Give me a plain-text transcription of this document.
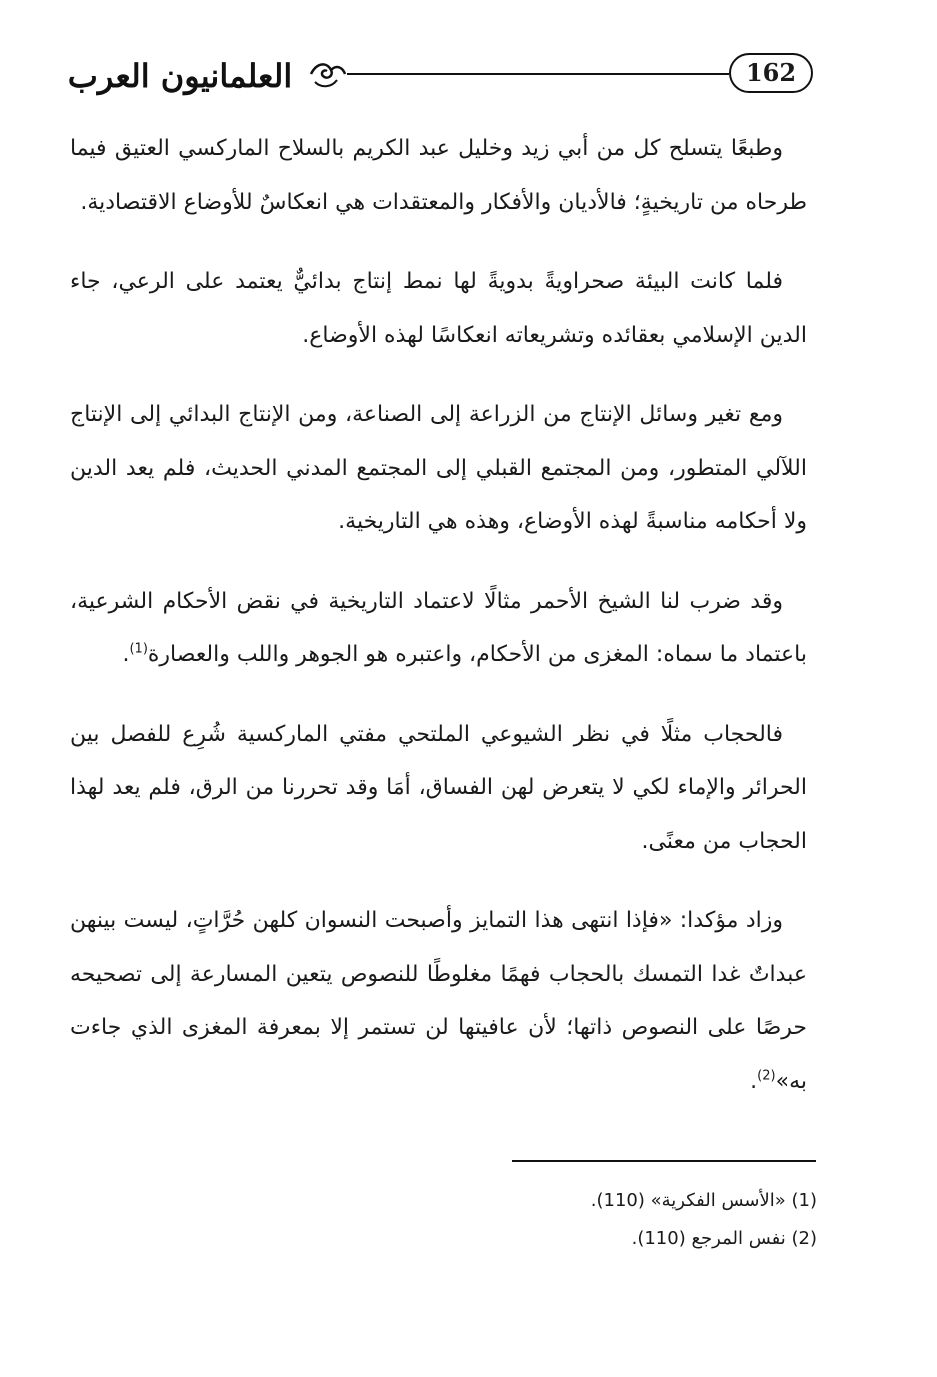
العلمانيون العرب	162

وطبعًا يتسلح كل من أبي زيد وخليل عبد الكريم بالسلاح الماركسي العتيق فيما طرحاه من تاريخيةٍ؛ فالأديان والأفكار والمعتقدات هي انعكاسٌ للأوضاع الاقتصادية.

فلما كانت البيئة صحراويةً بدويةً لها نمط إنتاج بدائيٌّ يعتمد على الرعي، جاء الدين الإسلامي بعقائده وتشريعاته انعكاسًا لهذه الأوضاع.

ومع تغير وسائل الإنتاج من الزراعة إلى الصناعة، ومن الإنتاج البدائي إلى الإنتاج اللآلي المتطور، ومن المجتمع القبلي إلى المجتمع المدني الحديث، فلم يعد الدين ولا أحكامه مناسبةً لهذه الأوضاع، وهذه هي التاريخية.

وقد ضرب لنا الشيخ الأحمر مثالًا لاعتماد التاريخية في نقض الأحكام الشرعية، باعتماد ما سماه: المغزى من الأحكام، واعتبره هو الجوهر واللب والعصارة$^{(1)}$.

فالحجاب مثلًا في نظر الشيوعي الملتحي مفتي الماركسية شُرِع للفصل بين الحرائر والإماء لكي لا يتعرض لهن الفساق، أمَا وقد تحررنا من الرق، فلم يعد لهذا الحجاب من معنًى.

وزاد مؤكدا: «فإذا انتهى هذا التمايز وأصبحت النسوان كلهن حُرَّاتٍ، ليست بينهن عبداتٌ غدا التمسك بالحجاب فهمًا مغلوطًا للنصوص يتعين المسارعة إلى تصحيحه حرصًا على النصوص ذاتها؛ لأن عافيتها لن تستمر إلا بمعرفة المغزى الذي جاءت به»$^{(2)}$.

(1) «الأسس الفكرية» (110).

(2) نفس المرجع (110).
